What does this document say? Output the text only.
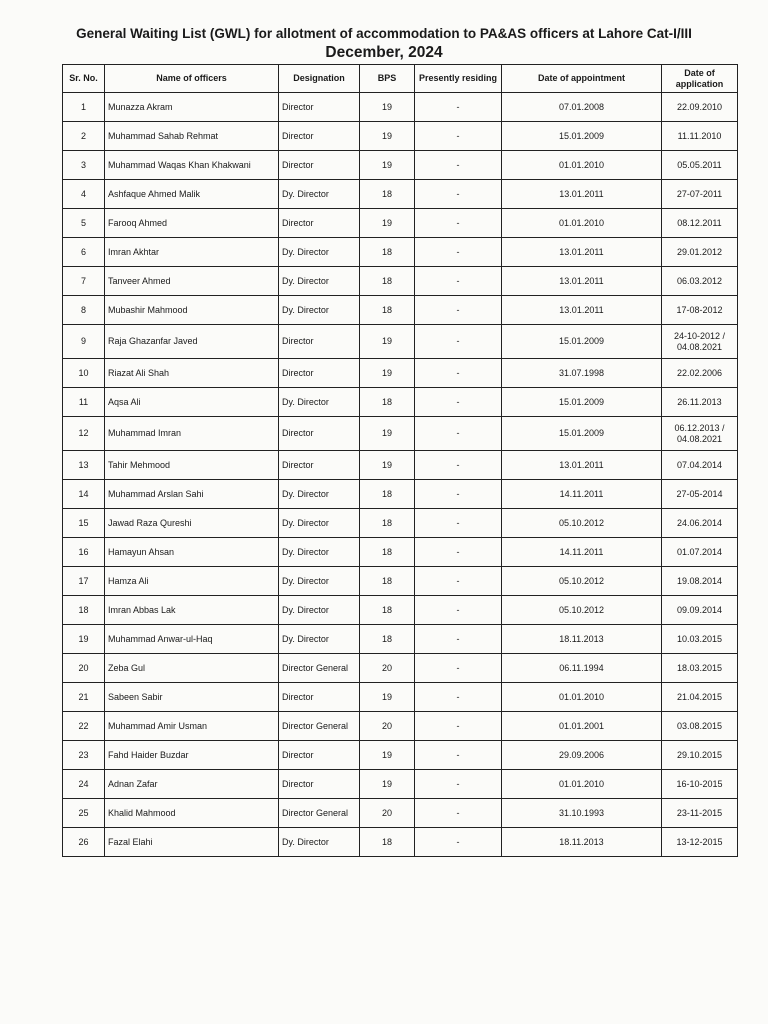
General Waiting List (GWL) for allotment of accommodation to PA&AS officers at Lahore Cat-I/III
December, 2024
Sr. No.	Name of officers	Designation	BPS	Presently residing	Date of appointment	Date of application
1	Munazza Akram	Director	19	-	07.01.2008	22.09.2010
2	Muhammad Sahab Rehmat	Director	19	-	15.01.2009	11.11.2010
3	Muhammad Waqas Khan Khakwani	Director	19	-	01.01.2010	05.05.2011
4	Ashfaque Ahmed Malik	Dy. Director	18	-	13.01.2011	27-07-2011
5	Farooq Ahmed	Director	19	-	01.01.2010	08.12.2011
6	Imran Akhtar	Dy. Director	18	-	13.01.2011	29.01.2012
7	Tanveer Ahmed	Dy. Director	18	-	13.01.2011	06.03.2012
8	Mubashir Mahmood	Dy. Director	18	-	13.01.2011	17-08-2012
9	Raja Ghazanfar Javed	Director	19	-	15.01.2009	24-10-2012 / 04.08.2021
10	Riazat Ali Shah	Director	19	-	31.07.1998	22.02.2006
11	Aqsa Ali	Dy. Director	18	-	15.01.2009	26.11.2013
12	Muhammad Imran	Director	19	-	15.01.2009	06.12.2013 / 04.08.2021
13	Tahir Mehmood	Director	19	-	13.01.2011	07.04.2014
14	Muhammad Arslan Sahi	Dy. Director	18	-	14.11.2011	27-05-2014
15	Jawad Raza Qureshi	Dy. Director	18	-	05.10.2012	24.06.2014
16	Hamayun Ahsan	Dy. Director	18	-	14.11.2011	01.07.2014
17	Hamza Ali	Dy. Director	18	-	05.10.2012	19.08.2014
18	Imran Abbas Lak	Dy. Director	18	-	05.10.2012	09.09.2014
19	Muhammad Anwar-ul-Haq	Dy. Director	18	-	18.11.2013	10.03.2015
20	Zeba Gul	Director General	20	-	06.11.1994	18.03.2015
21	Sabeen Sabir	Director	19	-	01.01.2010	21.04.2015
22	Muhammad Amir Usman	Director General	20	-	01.01.2001	03.08.2015
23	Fahd Haider Buzdar	Director	19	-	29.09.2006	29.10.2015
24	Adnan Zafar	Director	19	-	01.01.2010	16-10-2015
25	Khalid Mahmood	Director General	20	-	31.10.1993	23-11-2015
26	Fazal Elahi	Dy. Director	18	-	18.11.2013	13-12-2015
